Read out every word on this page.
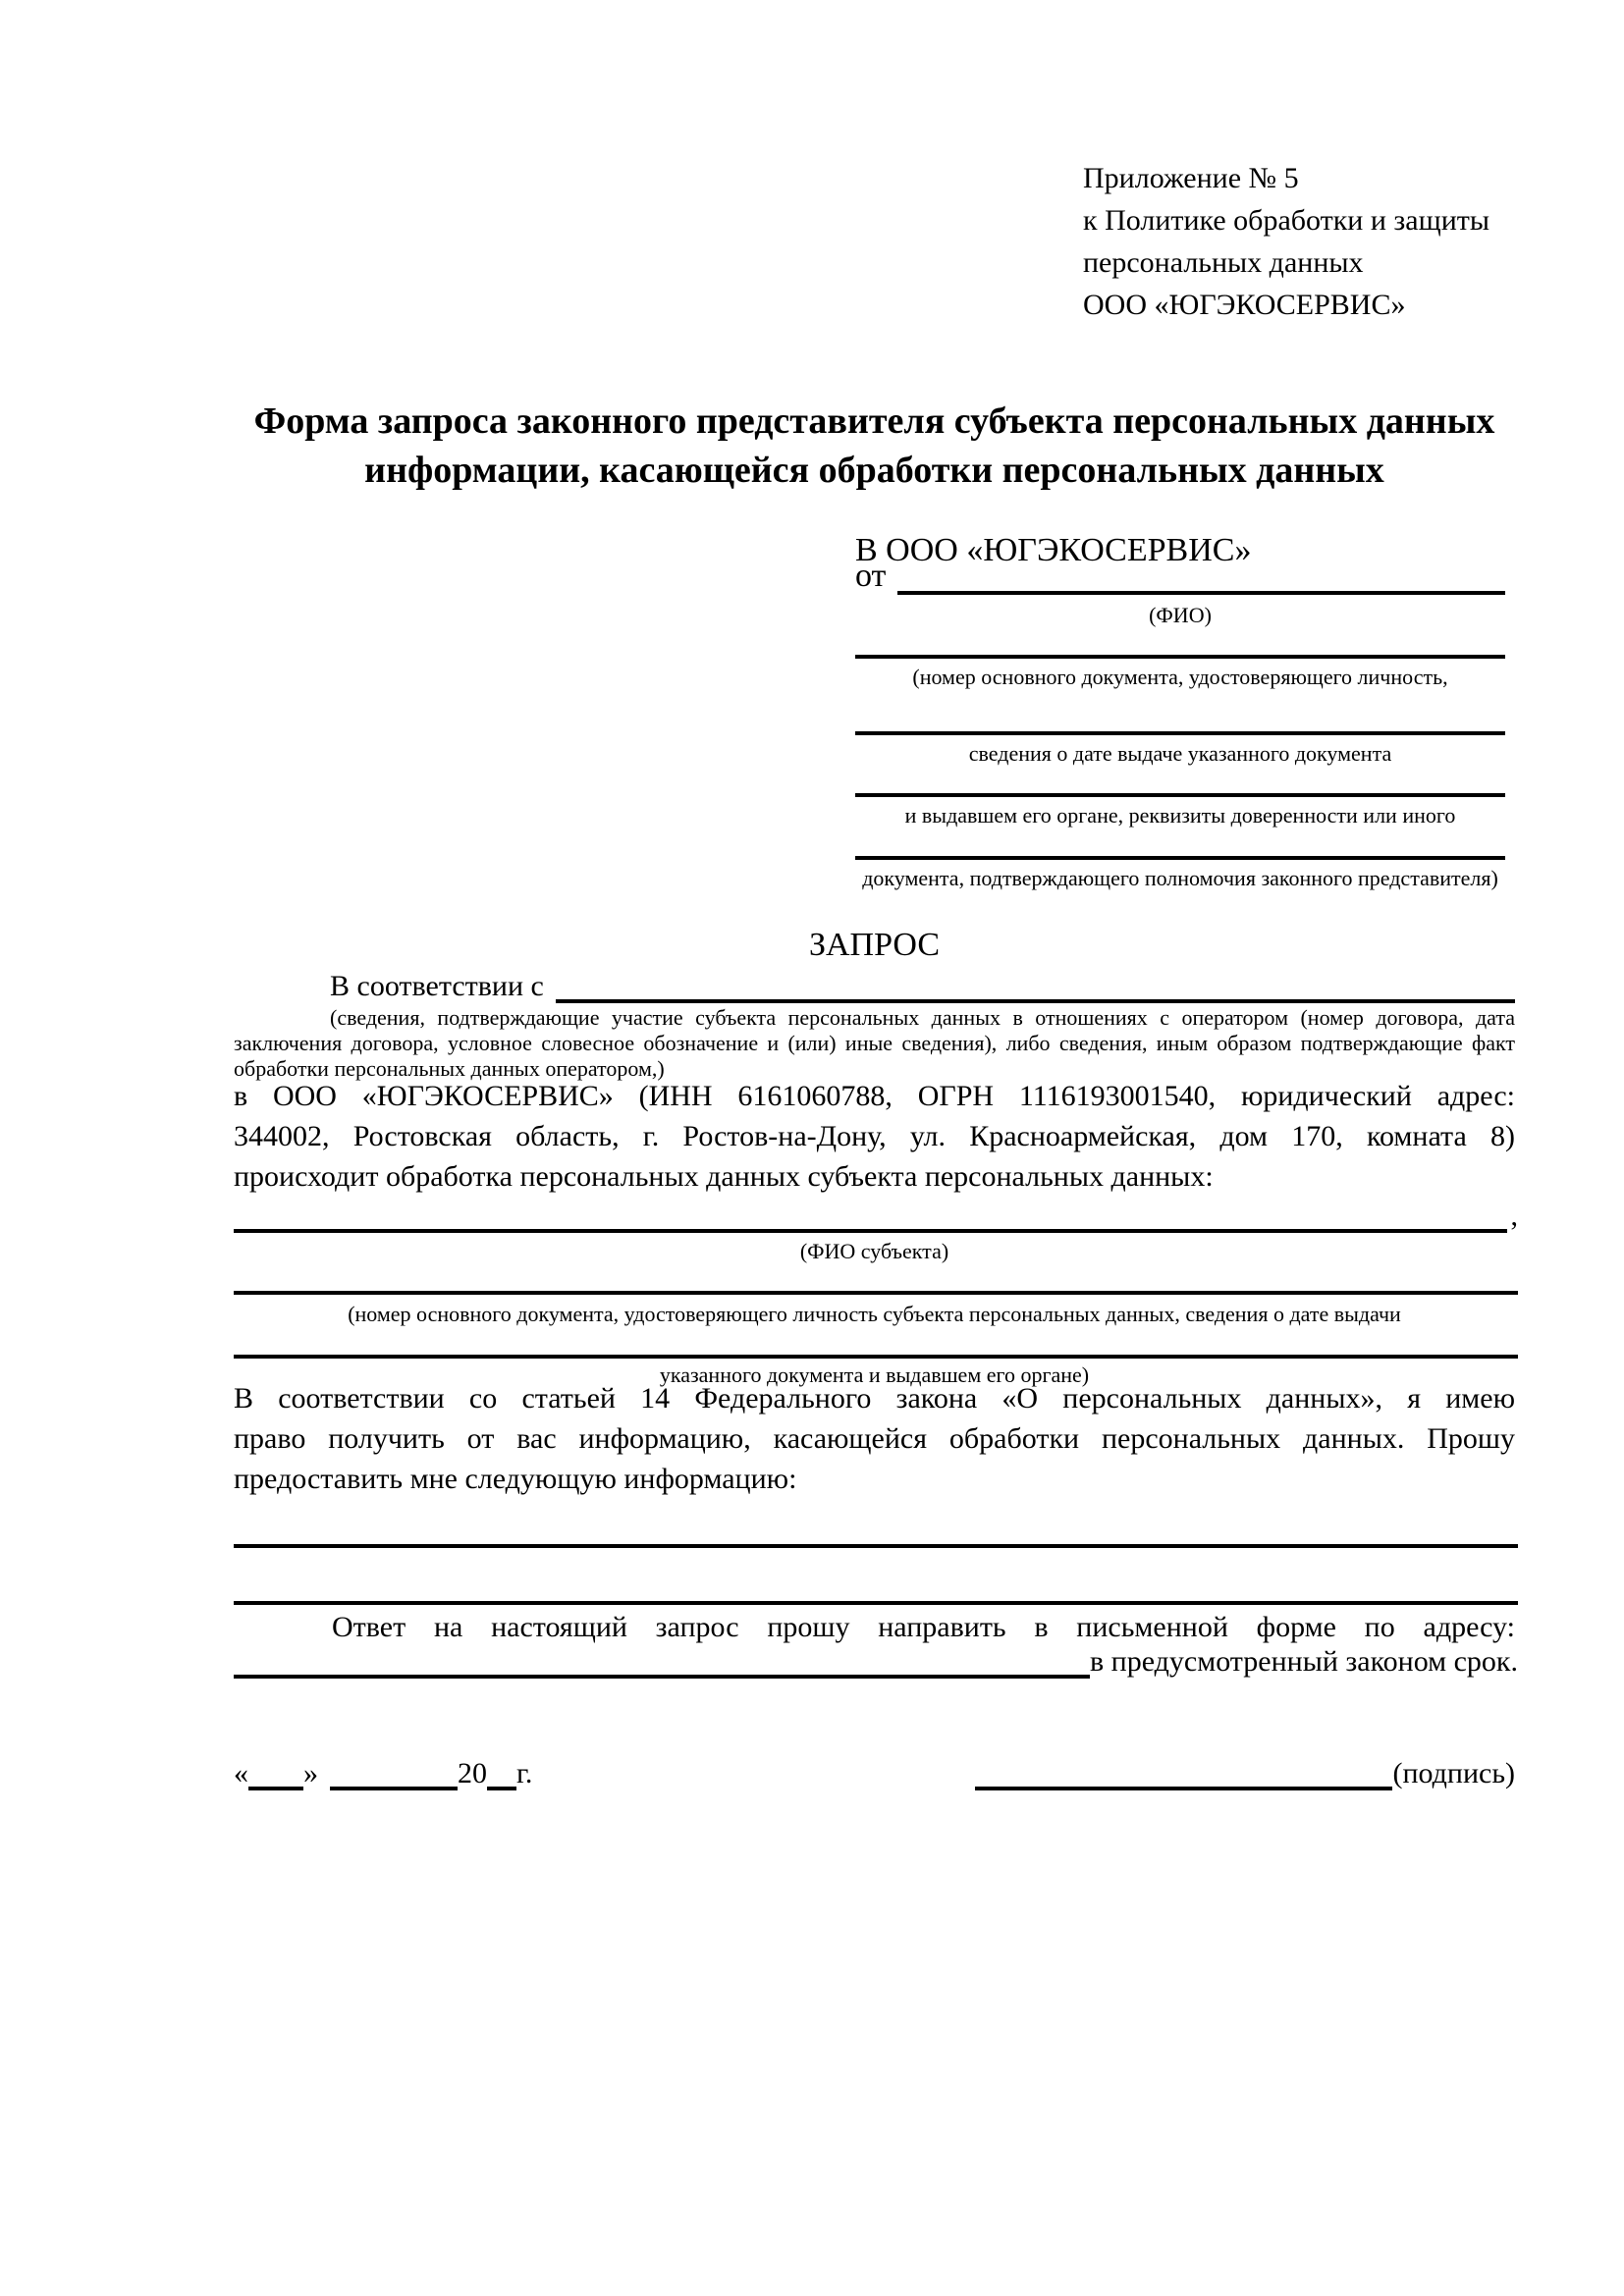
Приложение № 5
к Политике обработки и защиты
персональных данных
ООО «ЮГЭКОСЕРВИС»
Форма запроса законного представителя субъекта персональных данных
информации, касающейся обработки персональных данных
В ООО «ЮГЭКОСЕРВИС»
от
(ФИО)
(номер основного документа, удостоверяющего личность,
сведения о дате выдаче указанного документа
и выдавшем его органе, реквизиты доверенности или иного
документа, подтверждающего полномочия законного представителя)
ЗАПРОС
В соответствии с
(сведения, подтверждающие участие субъекта персональных данных в отношениях с оператором (номер договора, дата
заключения договора, условное словесное обозначение и (или) иные сведения), либо сведения, иным образом подтверждающие факт
обработки персональных данных оператором,)
в ООО «ЮГЭКОСЕРВИС» (ИНН 6161060788, ОГРН 1116193001540, юридический адрес:
344002, Ростовская область, г. Ростов-на-Дону, ул. Красноармейская, дом 170, комната 8)
происходит обработка персональных данных субъекта персональных данных:
,
(ФИО субъекта)
(номер основного документа, удостоверяющего личность субъекта персональных данных, сведения о дате выдачи
указанного документа и выдавшем его органе)
В соответствии со статьей 14 Федерального закона «О персональных данных», я имею
право получить от вас информацию, касающейся обработки персональных данных. Прошу
предоставить мне следующую информацию:
Ответ на настоящий запрос прошу направить в письменной форме по адресу:
в предусмотренный законом срок.
« »	20 г.	(подпись)
